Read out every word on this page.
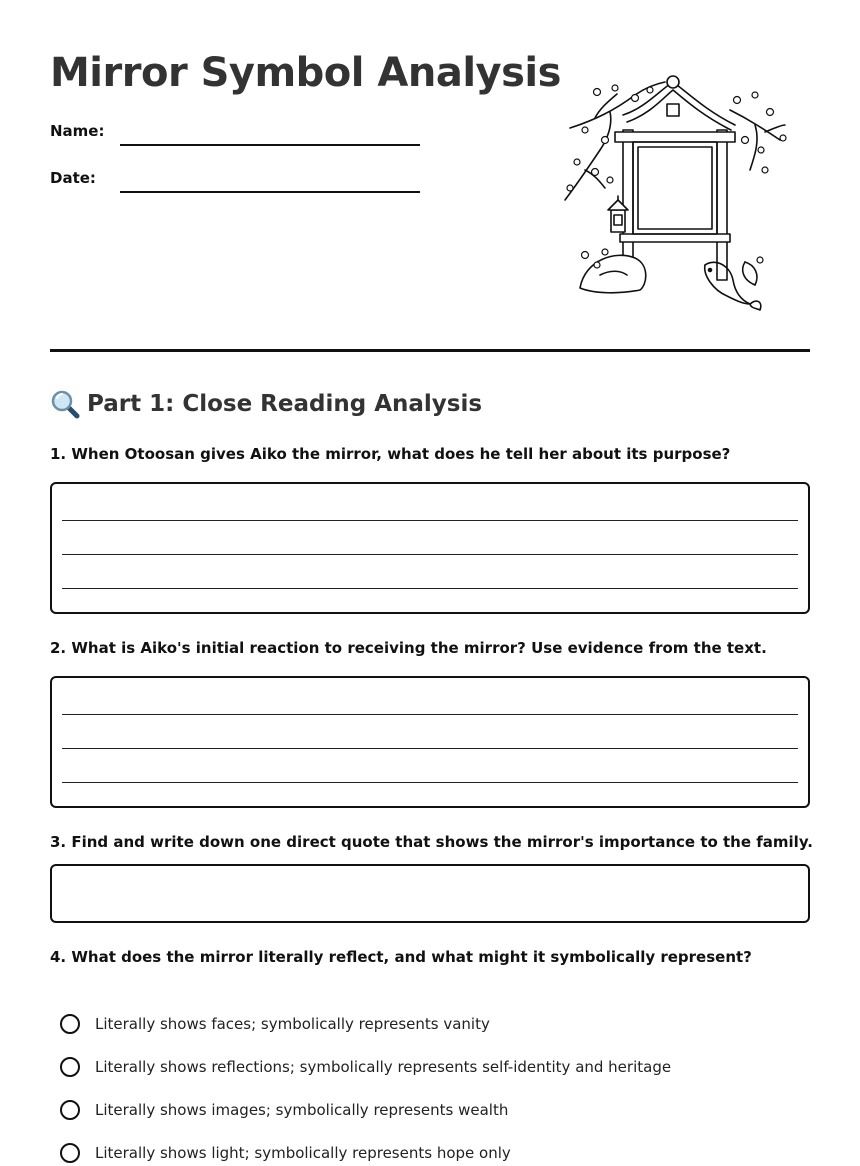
Mirror Symbol Analysis
Name:
Date:
Part 1: Close Reading Analysis
1. When Otoosan gives Aiko the mirror, what does he tell her about its purpose?
2. What is Aiko's initial reaction to receiving the mirror? Use evidence from the text.
3. Find and write down one direct quote that shows the mirror's importance to the family.
4. What does the mirror literally reflect, and what might it symbolically represent?
Literally shows faces; symbolically represents vanity
Literally shows reflections; symbolically represents self-identity and heritage
Literally shows images; symbolically represents wealth
Literally shows light; symbolically represents hope only
